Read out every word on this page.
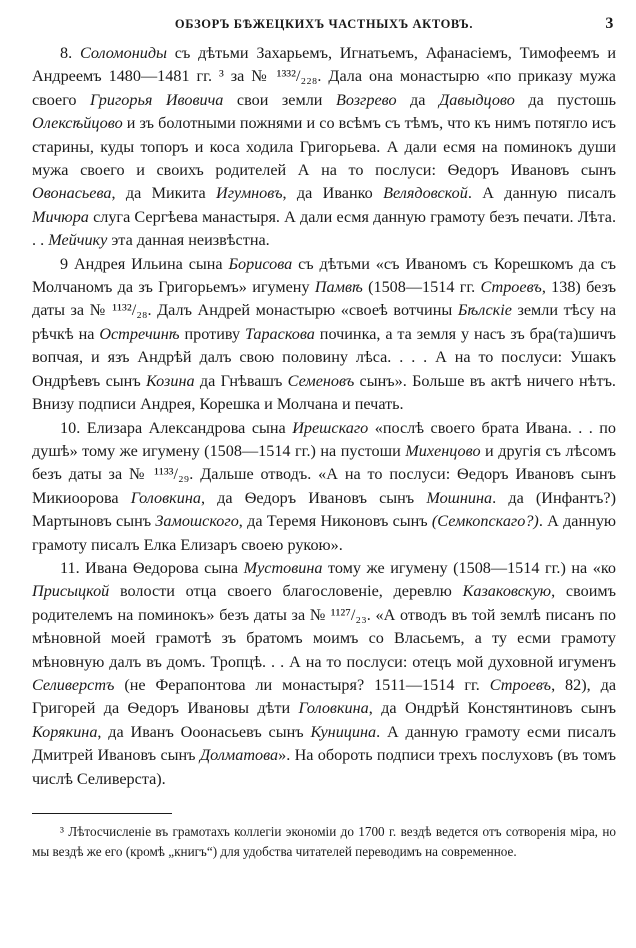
ОБЗОРЪ БѢЖЕЦКИХЪ ЧАСТНЫХЪ АКТОВЪ.	3

8. Соломониды съ дѣтьми Захарьемъ, Игнатьемъ, Афанасіемъ, Тимофеемъ и Андреемъ 1480—1481 гг. ³ за № ¹³³²/₂₂₈. Дала она монастырю «по приказу мужа своего Григорья Ивовича свои земли Возгрево да Давыдцово да пустошь Олексѣйцово и зъ болотными пожнями и со всѣмъ съ тѣмъ, что къ нимъ потягло исъ старины, куды топоръ и коса ходила Григорьева. А дали есмя на поминокъ души мужа своего и своихъ родителей А на то послуси: Ѳедоръ Ивановъ сынъ Овонасьева, да Микита Игумновъ, да Иванко Велядовской. А данную писалъ Мичюра слуга Сергѣева манастыря. А дали есмя данную грамоту безъ печати. Лѣта. . . Мейчику эта данная неизвѣстна.

9 Андрея Ильина сына Борисова съ дѣтьми «съ Иваномъ съ Корешкомъ да съ Молчаномъ да зъ Григорьемъ» игумену Памвѣ (1508—1514 гг. Строевъ, 138) безъ даты за № ¹¹³²/₂₈. Далъ Андрей монастырю «своеѣ вотчины Бѣлскіе земли тѣсу на рѣчкѣ на Остречинѣ противу Тараскова починка, а та земля у насъ зъ бра(та)шичъ вопчая, и язъ Андрѣй далъ свою половину лѣса. . . . А на то послуси: Ушакъ Ондрѣевъ сынъ Козина да Гнѣвашъ Семеновъ сынъ». Больше въ актѣ ничего нѣтъ. Внизу подписи Андрея, Корешка и Молчана и печать.

10. Елизара Александрова сына Ирешскаго «послѣ своего брата Ивана. . . по душѣ» тому же игумену (1508—1514 гг.) на пустоши Михенцово и другія съ лѣсомъ безъ даты за № ¹¹³³/₂₉. Дальше отводъ. «А на то послуси: Ѳедоръ Ивановъ сынъ Микиоорова Головкина, да Ѳедоръ Ивановъ сынъ Мошнина. да (Инфантъ?) Мартыновъ сынъ Замошского, да Теремя Никоновъ сынъ (Семкопскаго?). А данную грамоту писалъ Елка Елизаръ своею рукою».

11. Ивана Ѳедорова сына Мустовина тому же игумену (1508—1514 гг.) на «ко Присыцкой волости отца своего благословеніе, деревлю Казаковскую, своимъ родителемъ на поминокъ» безъ даты за № ¹¹²⁷/₂₃. «А отводъ въ той землѣ писанъ по мѣновной моей грамотѣ зъ братомъ моимъ со Власьемъ, а ту есми грамоту мѣновную далъ въ домъ. Тропцѣ. . . А на то послуси: отецъ мой духовной игуменъ Селиверстъ (не Ферапонтова ли монастыря? 1511—1514 гг. Строевъ, 82), да Григорей да Ѳедоръ Ивановы дѣти Головкина, да Ондрѣй Констянтиновъ сынъ Корякина, да Иванъ Ооонасьевъ сынъ Куницина. А данную грамоту есми писалъ Дмитрей Ивановъ сынъ Долматова». На обороть подписи трехъ послуховъ (въ томъ числѣ Селиверста).

³ Лѣтосчисленіе въ грамотахъ коллегіи экономіи до 1700 г. вездѣ ведется отъ сотворенія міра, но мы вездѣ же его (кромѣ „книгъ“) для удобства читателей переводимъ на современное.
